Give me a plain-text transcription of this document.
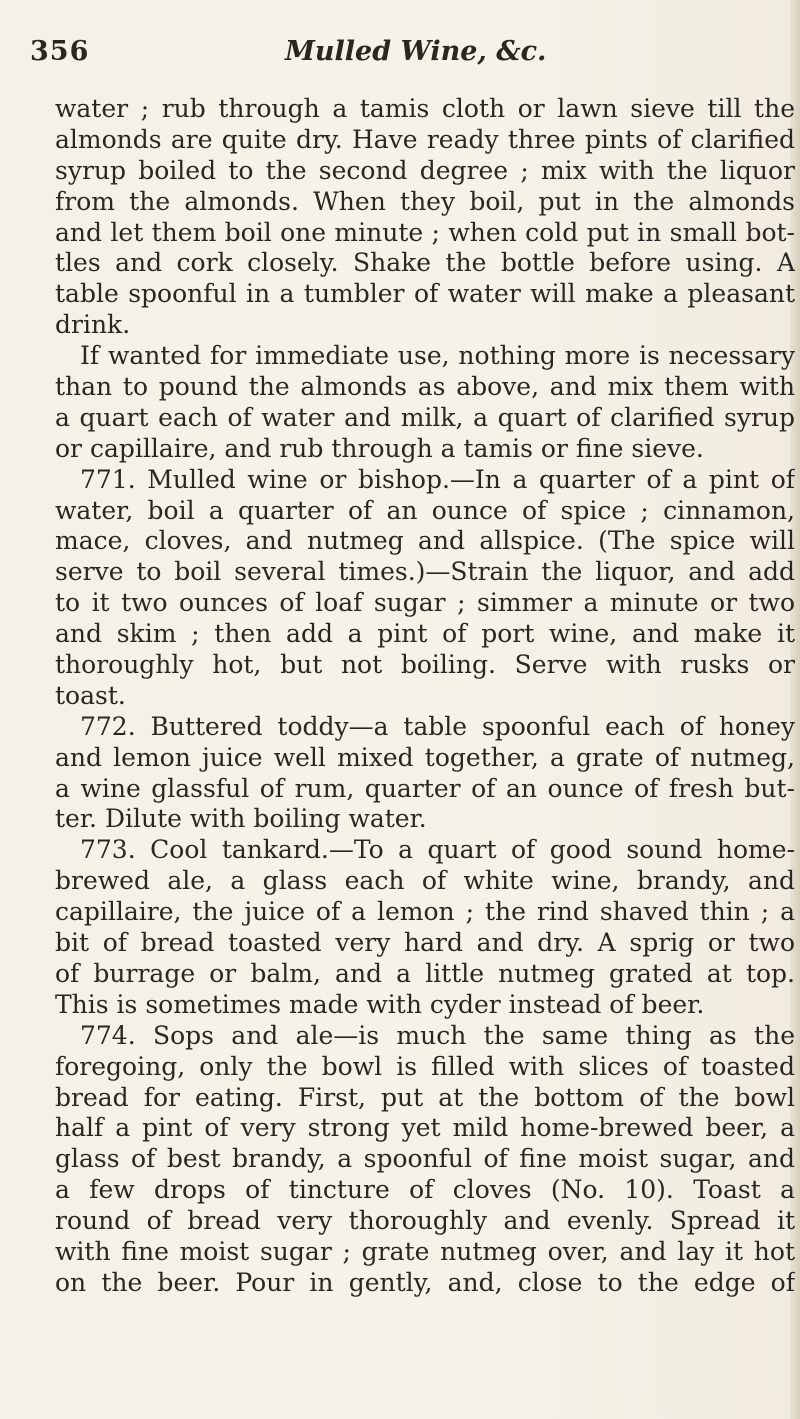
356	Mulled Wine, &c.
water ; rub through a tamis cloth or lawn sieve till the
almonds are quite dry. Have ready three pints of clarified
syrup boiled to the second degree ; mix with the liquor
from the almonds. When they boil, put in the almonds
and let them boil one minute ; when cold put in small bot-
tles and cork closely. Shake the bottle before using. A
table spoonful in a tumbler of water will make a pleasant
drink.
If wanted for immediate use, nothing more is necessary
than to pound the almonds as above, and mix them with
a quart each of water and milk, a quart of clarified syrup
or capillaire, and rub through a tamis or fine sieve.
771. Mulled wine or bishop.—In a quarter of a pint of
water, boil a quarter of an ounce of spice ; cinnamon,
mace, cloves, and nutmeg and allspice. (The spice will
serve to boil several times.)—Strain the liquor, and add
to it two ounces of loaf sugar ; simmer a minute or two
and skim ; then add a pint of port wine, and make it
thoroughly hot, but not boiling. Serve with rusks or
toast.
772. Buttered toddy—a table spoonful each of honey
and lemon juice well mixed together, a grate of nutmeg,
a wine glassful of rum, quarter of an ounce of fresh but-
ter. Dilute with boiling water.
773. Cool tankard.—To a quart of good sound home-
brewed ale, a glass each of white wine, brandy, and
capillaire, the juice of a lemon ; the rind shaved thin ; a
bit of bread toasted very hard and dry. A sprig or two
of burrage or balm, and a little nutmeg grated at top.
This is sometimes made with cyder instead of beer.
774. Sops and ale—is much the same thing as the
foregoing, only the bowl is filled with slices of toasted
bread for eating. First, put at the bottom of the bowl
half a pint of very strong yet mild home-brewed beer, a
glass of best brandy, a spoonful of fine moist sugar, and
a few drops of tincture of cloves (No. 10). Toast a
round of bread very thoroughly and evenly. Spread it
with fine moist sugar ; grate nutmeg over, and lay it hot
on the beer. Pour in gently, and, close to the edge of
